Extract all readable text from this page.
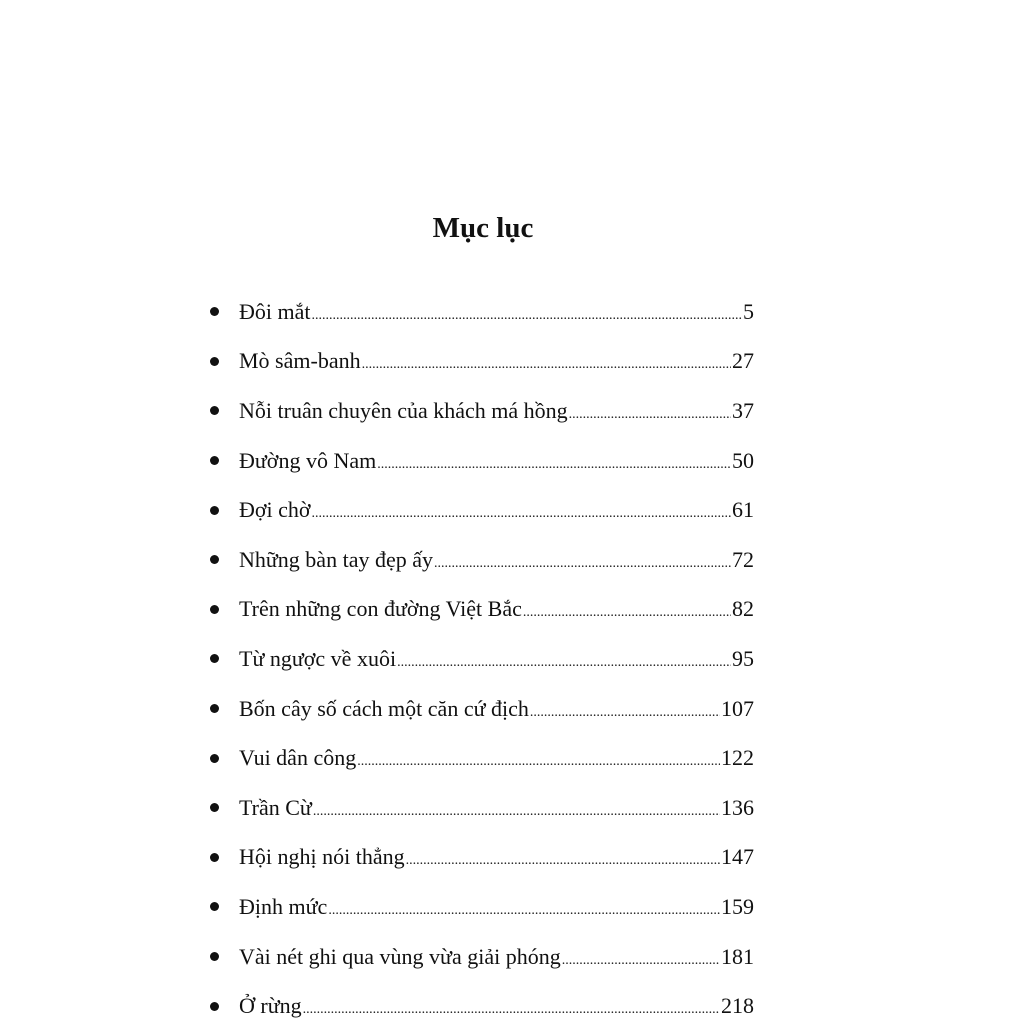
Mục lục
Đôi mắt .....	5
Mò sâm-banh .....	27
Nỗi truân chuyên của khách má hồng .....	37
Đường vô Nam .....	50
Đợi chờ .....	61
Những bàn tay đẹp ấy .....	72
Trên những con đường Việt Bắc .....	82
Từ ngược về xuôi .....	95
Bốn cây số cách một căn cứ địch .....	107
Vui dân công .....	122
Trần Cừ .....	136
Hội nghị nói thẳng .....	147
Định mức .....	159
Vài nét ghi qua vùng vừa giải phóng .....	181
Ở rừng .....	218
